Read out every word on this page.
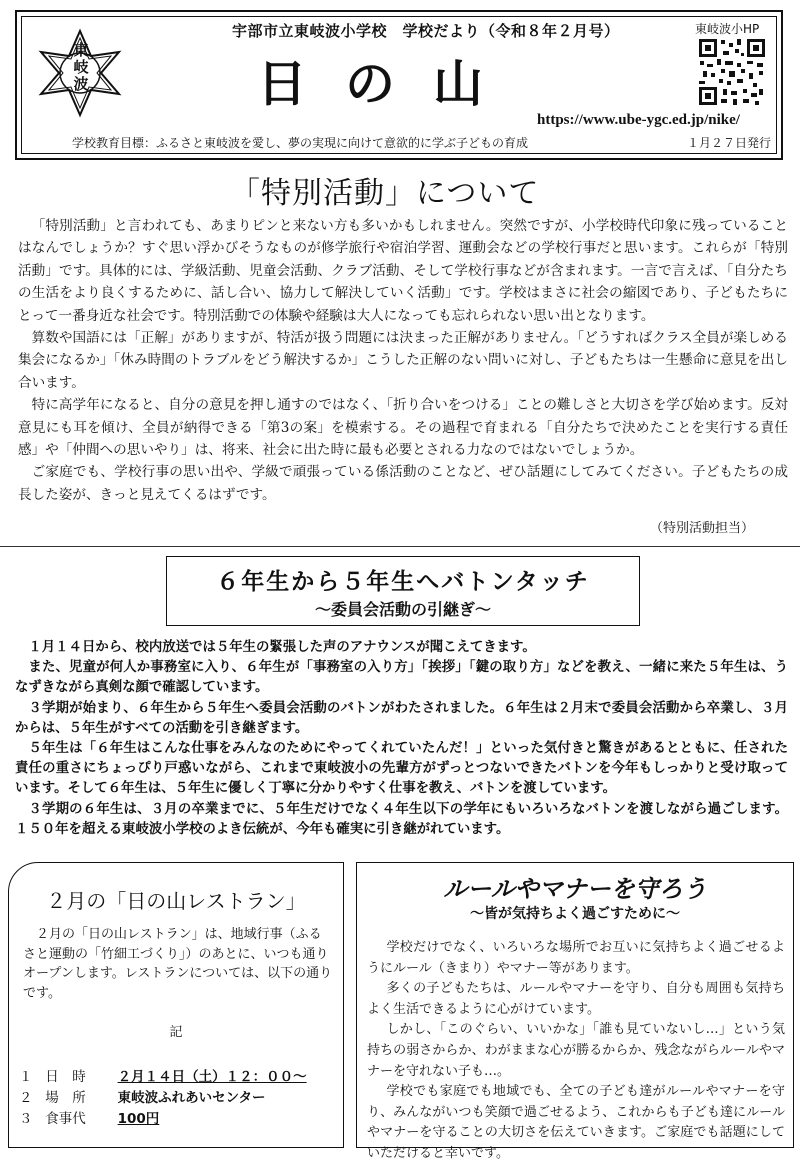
東岐波
宇部市立東岐波小学校　学校だより（令和８年２月号）
日の山
東岐波小HP
https://www.ube-ygc.ed.jp/nike/
学校教育目標：ふるさと東岐波を愛し、夢の実現に向けて意欲的に学ぶ子どもの育成	１月２７日発行
「特別活動」について

「特別活動」と言われても、あまりピンと来ない方も多いかもしれません。突然ですが、小学校時代印象に残っていることはなんでしょうか？すぐ思い浮かびそうなものが修学旅行や宿泊学習、運動会などの学校行事だと思います。これらが「特別活動」です。具体的には、学級活動、児童会活動、クラブ活動、そして学校行事などが含まれます。一言で言えば、「自分たちの生活をより良くするために、話し合い、協力して解決していく活動」です。学校はまさに社会の縮図であり、子どもたちにとって一番身近な社会です。特別活動での体験や経験は大人になっても忘れられない思い出となります。

算数や国語には「正解」がありますが、特活が扱う問題には決まった正解がありません。「どうすればクラス全員が楽しめる集会になるか」「休み時間のトラブルをどう解決するか」こうした正解のない問いに対し、子どもたちは一生懸命に意見を出し合います。

特に高学年になると、自分の意見を押し通すのではなく、「折り合いをつける」ことの難しさと大切さを学び始めます。反対意見にも耳を傾け、全員が納得できる「第3の案」を模索する。その過程で育まれる「自分たちで決めたことを実行する責任感」や「仲間への思いやり」は、将来、社会に出た時に最も必要とされる力なのではないでしょうか。

ご家庭でも、学校行事の思い出や、学級で頑張っている係活動のことなど、ぜひ話題にしてみてください。子どもたちの成長した姿が、きっと見えてくるはずです。

（特別活動担当）
６年生から５年生へバトンタッチ
～委員会活動の引継ぎ～

１月１４日から、校内放送では５年生の緊張した声のアナウンスが聞こえてきます。

また、児童が何人か事務室に入り、６年生が「事務室の入り方」「挨拶」「鍵の取り方」などを教え、一緒に来た５年生は、うなずきながら真剣な顔で確認しています。

３学期が始まり、６年生から５年生へ委員会活動のバトンがわたされました。６年生は２月末で委員会活動から卒業し、３月からは、５年生がすべての活動を引き継ぎます。

５年生は「６年生はこんな仕事をみんなのためにやってくれていたんだ！」といった気付きと驚きがあるとともに、任された責任の重さにちょっぴり戸惑いながら、これまで東岐波小の先輩方がずっとつないできたバトンを今年もしっかりと受け取っています。そして６年生は、５年生に優しく丁寧に分かりやすく仕事を教え、バトンを渡しています。

３学期の６年生は、３月の卒業までに、５年生だけでなく４年生以下の学年にもいろいろなバトンを渡しながら過ごします。１５０年を超える東岐波小学校のよき伝統が、今年も確実に引き継がれています。

２月の「日の山レストラン」

２月の「日の山レストラン」は、地域行事（ふるさと運動の「竹細工づくり」）のあとに、いつも通りオープンします。レストランについては、以下の通りです。

記
１ 日　時 ２月１４日（土）１２：００～
２ 場　所 東岐波ふれあいセンター
３ 食事代 100円
ルールやマナーを守ろう
～皆が気持ちよく過ごすために～

学校だけでなく、いろいろな場所でお互いに気持ちよく過ごせるようにルール（きまり）やマナー等があります。

多くの子どもたちは、ルールやマナーを守り、自分も周囲も気持ちよく生活できるように心がけています。

しかし、「このぐらい、いいかな」「誰も見ていないし…」という気持ちの弱さからか、わがままな心が勝るからか、残念ながらルールやマナーを守れない子も…。

学校でも家庭でも地域でも、全ての子ども達がルールやマナーを守り、みんながいつも笑顔で過ごせるよう、これからも子ども達にルールやマナーを守ることの大切さを伝えていきます。ご家庭でも話題にしていただけると幸いです。
